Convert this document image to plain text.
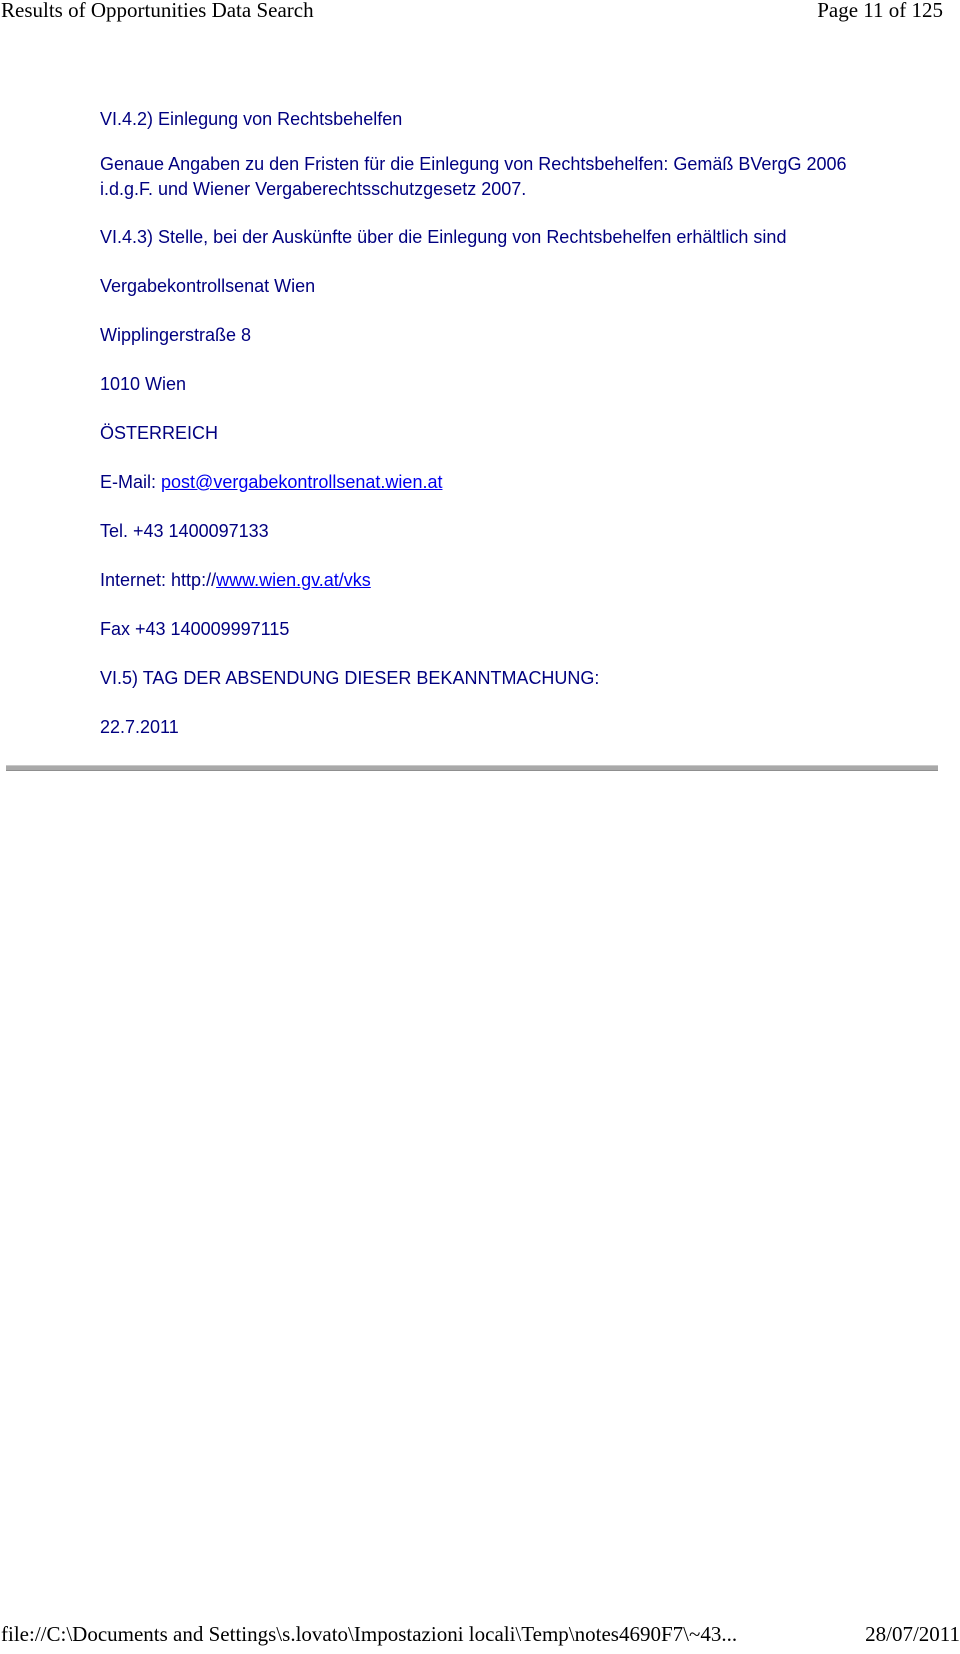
Results of Opportunities Data Search	Page 11 of 125
VI.4.2) Einlegung von Rechtsbehelfen
Genaue Angaben zu den Fristen für die Einlegung von Rechtsbehelfen: Gemäß BVergG 2006
i.d.g.F. und Wiener Vergaberechtsschutzgesetz 2007.
VI.4.3) Stelle, bei der Auskünfte über die Einlegung von Rechtsbehelfen erhältlich sind
Vergabekontrollsenat Wien
Wipplingerstraße 8
1010 Wien
ÖSTERREICH
E-Mail: post@vergabekontrollsenat.wien.at
Tel. +43 1400097133
Internet: http://www.wien.gv.at/vks
Fax +43 140009997115
VI.5) TAG DER ABSENDUNG DIESER BEKANNTMACHUNG:
22.7.2011
file://C:\Documents and Settings\s.lovato\Impostazioni locali\Temp\notes4690F7\~43...	28/07/2011
